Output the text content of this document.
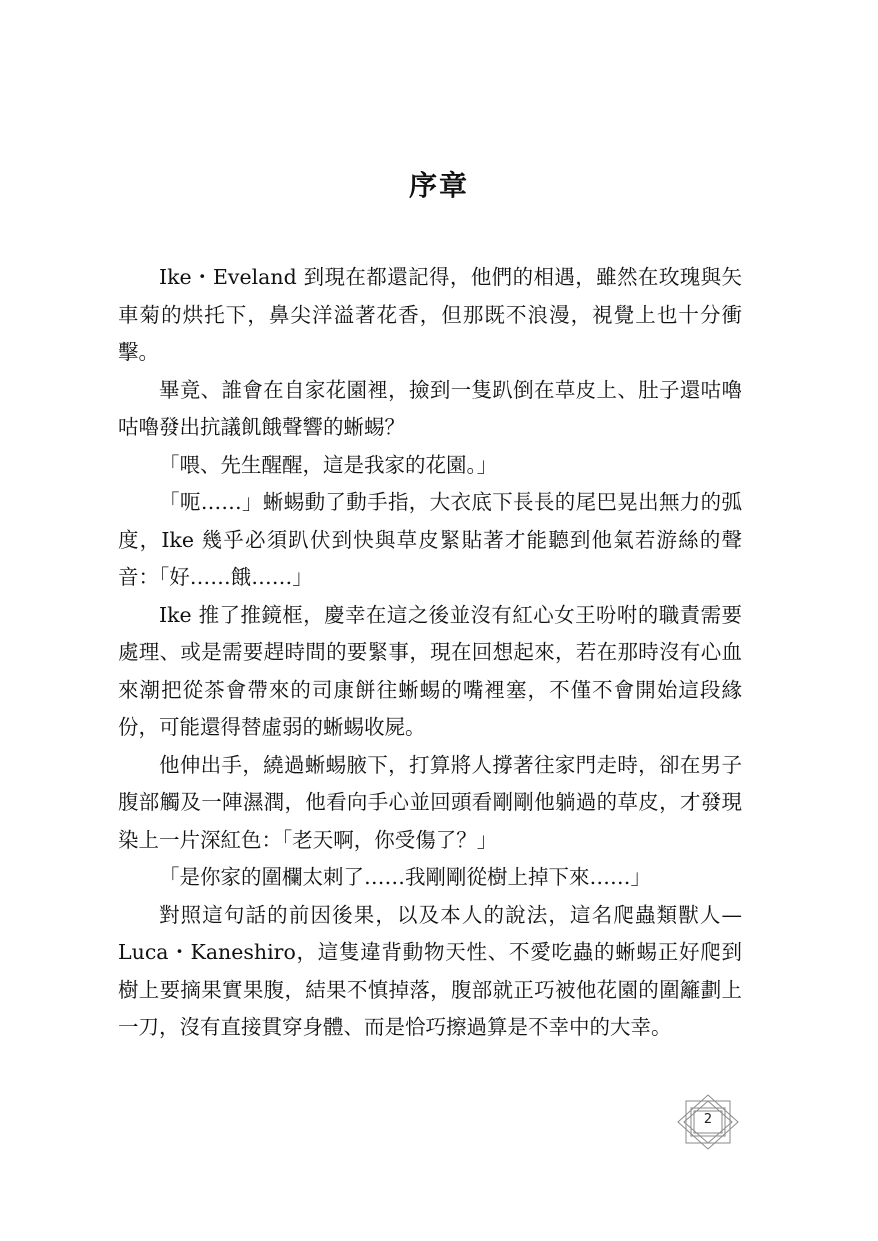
序章

Ike・Eveland 到現在都還記得，他們的相遇，雖然在玫瑰與矢車菊的烘托下，鼻尖洋溢著花香，但那既不浪漫，視覺上也十分衝擊。

畢竟、誰會在自家花園裡，撿到一隻趴倒在草皮上、肚子還咕嚕咕嚕發出抗議飢餓聲響的蜥蜴？

「喂、先生醒醒，這是我家的花園。」

「呃……」蜥蜴動了動手指，大衣底下長長的尾巴晃出無力的弧度，Ike 幾乎必須趴伏到快與草皮緊貼著才能聽到他氣若游絲的聲音：「好……餓……」

Ike 推了推鏡框，慶幸在這之後並沒有紅心女王吩咐的職責需要處理、或是需要趕時間的要緊事，現在回想起來，若在那時沒有心血來潮把從茶會帶來的司康餅往蜥蜴的嘴裡塞，不僅不會開始這段緣份，可能還得替虛弱的蜥蜴收屍。

他伸出手，繞過蜥蜴腋下，打算將人撐著往家門走時，卻在男子腹部觸及一陣濕潤，他看向手心並回頭看剛剛他躺過的草皮，才發現染上一片深紅色：「老天啊，你受傷了？」

「是你家的圍欄太刺了……我剛剛從樹上掉下來……」

對照這句話的前因後果，以及本人的說法，這名爬蟲類獸人—Luca・Kaneshiro，這隻違背動物天性、不愛吃蟲的蜥蜴正好爬到樹上要摘果實果腹，結果不慎掉落，腹部就正巧被他花園的圍籬劃上一刀，沒有直接貫穿身體、而是恰巧擦過算是不幸中的大幸。

2
